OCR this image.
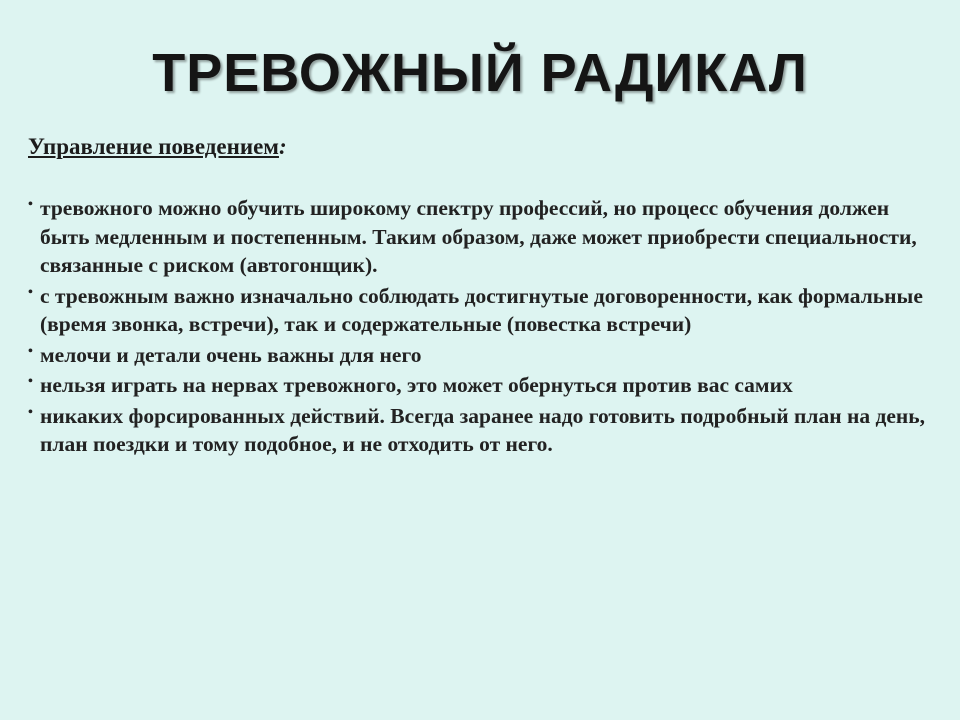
ТРЕВОЖНЫЙ РАДИКАЛ

Управление поведением:

• тревожного можно обучить широкому спектру профессий, но процесс обучения должен быть медленным и постепенным. Таким образом, даже может приобрести специальности, связанные с риском (автогонщик).
• с тревожным важно изначально соблюдать достигнутые договоренности, как формальные (время звонка, встречи), так и содержательные (повестка встречи)
• мелочи и детали очень важны для него
• нельзя играть на нервах тревожного, это может обернуться против вас самих
• никаких форсированных действий. Всегда заранее надо готовить подробный план на день, план поездки и тому подобное, и не отходить от него.
